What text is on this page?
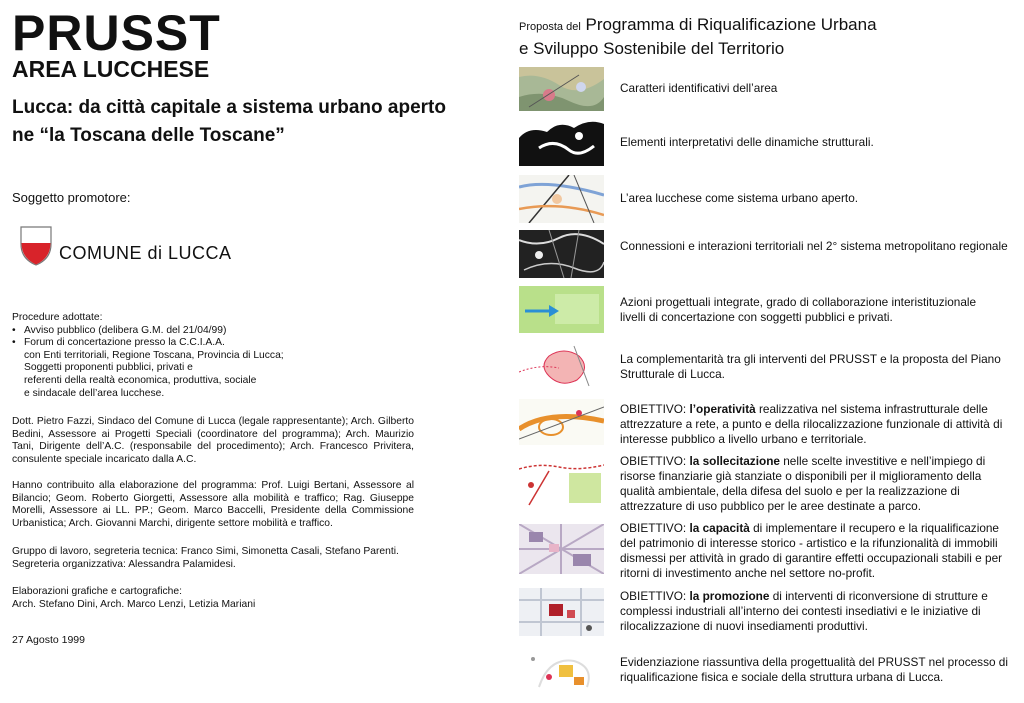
PRUSST
AREA LUCCHESE
Lucca: da città capitale a sistema urbano aperto
ne “la Toscana delle Toscane”
Soggetto promotore:
COMUNE di LUCCA
Procedure adottate:
• Avviso pubblico (delibera G.M. del 21/04/99)
• Forum di concertazione presso la C.C.I.A.A.
con Enti territoriali, Regione Toscana, Provincia di Lucca;
Soggetti proponenti pubblici, privati e
referenti della realtà economica, produttiva, sociale
e sindacale dell’area lucchese.
Dott. Pietro Fazzi, Sindaco del Comune di Lucca (legale rappresentante); Arch. Gilberto Bedini, Assessore ai Progetti Speciali (coordinatore del programma); Arch. Maurizio Tani, Dirigente dell’A.C. (responsabile del procedimento); Arch. Francesco Privitera, consulente speciale incaricato dalla A.C.
Hanno contribuito alla elaborazione del programma: Prof. Luigi Bertani, Assessore al Bilancio; Geom. Roberto Giorgetti, Assessore alla mobilità e traffico; Rag. Giuseppe Morelli, Assessore ai LL. PP.; Geom. Marco Baccelli, Presidente della Commissione Urbanistica; Arch. Giovanni Marchi, dirigente settore mobilità e traffico.
Gruppo di lavoro, segreteria tecnica: Franco Simi, Simonetta Casali, Stefano Parenti.
Segreteria organizzativa: Alessandra Palamidesi.
Elaborazioni grafiche e cartografiche:
Arch. Stefano Dini, Arch. Marco Lenzi, Letizia Mariani
27 Agosto 1999
Proposta del Programma di Riqualificazione Urbana
e Sviluppo Sostenibile del Territorio
Caratteri identificativi dell’area
Elementi interpretativi delle dinamiche strutturali.
L’area lucchese come sistema urbano aperto.
Connessioni e interazioni territoriali nel 2° sistema metropolitano regionale
Azioni progettuali integrate, grado di collaborazione interistituzionale
livelli di concertazione con soggetti pubblici e privati.
La complementarità tra gli interventi del PRUSST e la proposta del Piano Strutturale di Lucca.
OBIETTIVO: l’operatività realizzativa nel sistema infrastrutturale delle attrezzature a rete, a punto e della rilocalizzazione funzionale di attività di interesse pubblico a livello urbano e territoriale.
OBIETTIVO: la sollecitazione nelle scelte investitive e nell’impiego di risorse finanziarie già stanziate o disponibili per il miglioramento della qualità ambientale, della difesa del suolo e per la realizzazione di attrezzature di uso pubblico per le aree destinate a parco.
OBIETTIVO: la capacità di implementare il recupero e la riqualificazione del patrimonio di interesse storico - artistico e la rifunzionalità di immobili dismessi per attività in grado di garantire effetti occupazionali stabili e per ritorni di investimento anche nel settore no-profit.
OBIETTIVO: la promozione di interventi di riconversione di strutture e complessi industriali all’interno dei contesti insediativi e le iniziative di rilocalizzazione di nuovi insediamenti produttivi.
Evidenziazione riassuntiva della progettualità del PRUSST nel processo di riqualificazione fisica e sociale della struttura urbana di Lucca.
